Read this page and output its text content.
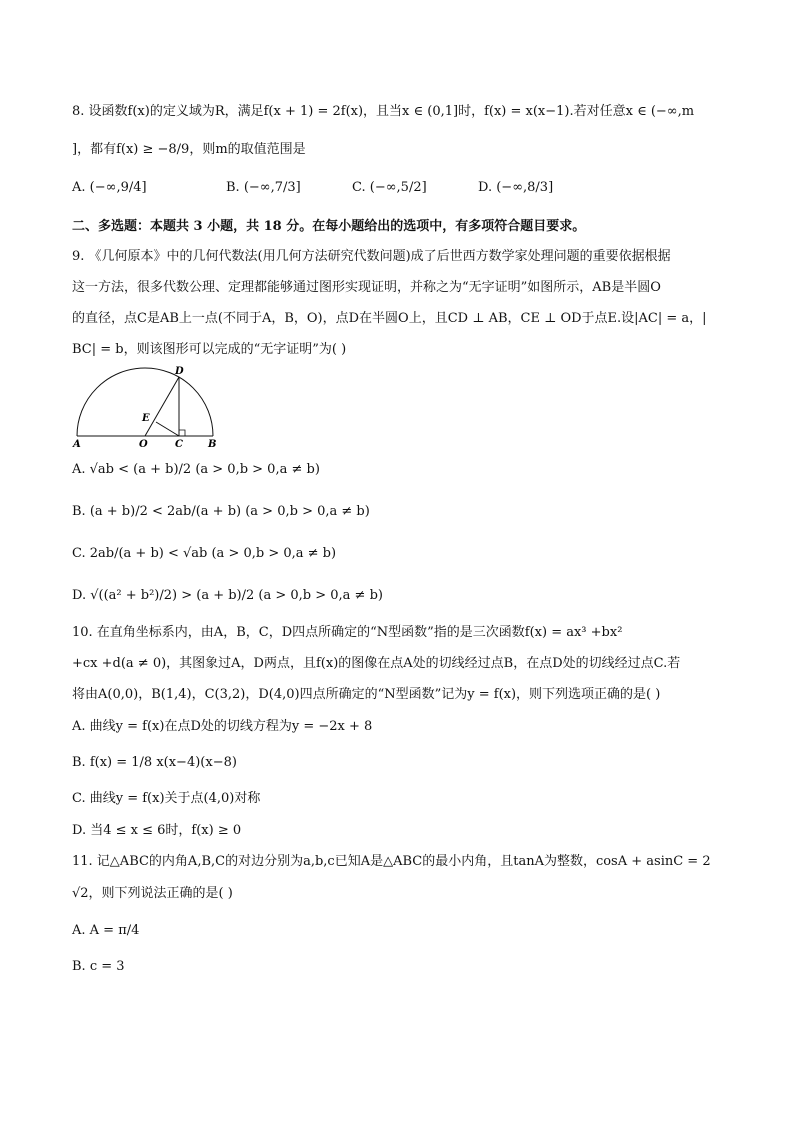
8. 设函数f(x)的定义域为R，满足f(x + 1) = 2f(x)，且当x ∈ (0,1]时，f(x) = x(x−1).若对任意x ∈ (−∞,m
]，都有f(x) ≥ −8/9，则m的取值范围是
A. (−∞,9/4]	B. (−∞,7/3]	C. (−∞,5/2]	D. (−∞,8/3]
二、多选题：本题共 3 小题，共 18 分。在每小题给出的选项中，有多项符合题目要求。
9. 《几何原本》中的几何代数法(用几何方法研究代数问题)成了后世西方数学家处理问题的重要依据根据
这一方法，很多代数公理、定理都能够通过图形实现证明，并称之为“无字证明”如图所示，AB是半圆O
的直径，点C是AB上一点(不同于A，B，O)，点D在半圆O上，且CD ⊥ AB，CE ⊥ OD于点E.设|AC| = a，|
BC| = b，则该图形可以完成的“无字证明”为( )
A	O	C	B
D
E
A. √ab < (a + b)/2 (a > 0,b > 0,a ≠ b)
B. (a + b)/2 < 2ab/(a + b) (a > 0,b > 0,a ≠ b)
C. 2ab/(a + b) < √ab (a > 0,b > 0,a ≠ b)
D. √((a² + b²)/2) > (a + b)/2 (a > 0,b > 0,a ≠ b)
10. 在直角坐标系内，由A，B，C，D四点所确定的“N型函数”指的是三次函数f(x) = ax³ +bx²
+cx +d(a ≠ 0)，其图象过A，D两点，且f(x)的图像在点A处的切线经过点B，在点D处的切线经过点C.若
将由A(0,0)，B(1,4)，C(3,2)，D(4,0)四点所确定的“N型函数”记为y = f(x)，则下列选项正确的是( )
A. 曲线y = f(x)在点D处的切线方程为y = −2x + 8
B. f(x) = 1/8 x(x−4)(x−8)
C. 曲线y = f(x)关于点(4,0)对称
D. 当4 ≤ x ≤ 6时，f(x) ≥ 0
11. 记△ABC的内角A,B,C的对边分别为a,b,c已知A是△ABC的最小内角，且tanA为整数，cosA + asinC = 2
√2，则下列说法正确的是( )
A. A = π/4
B. c = 3
